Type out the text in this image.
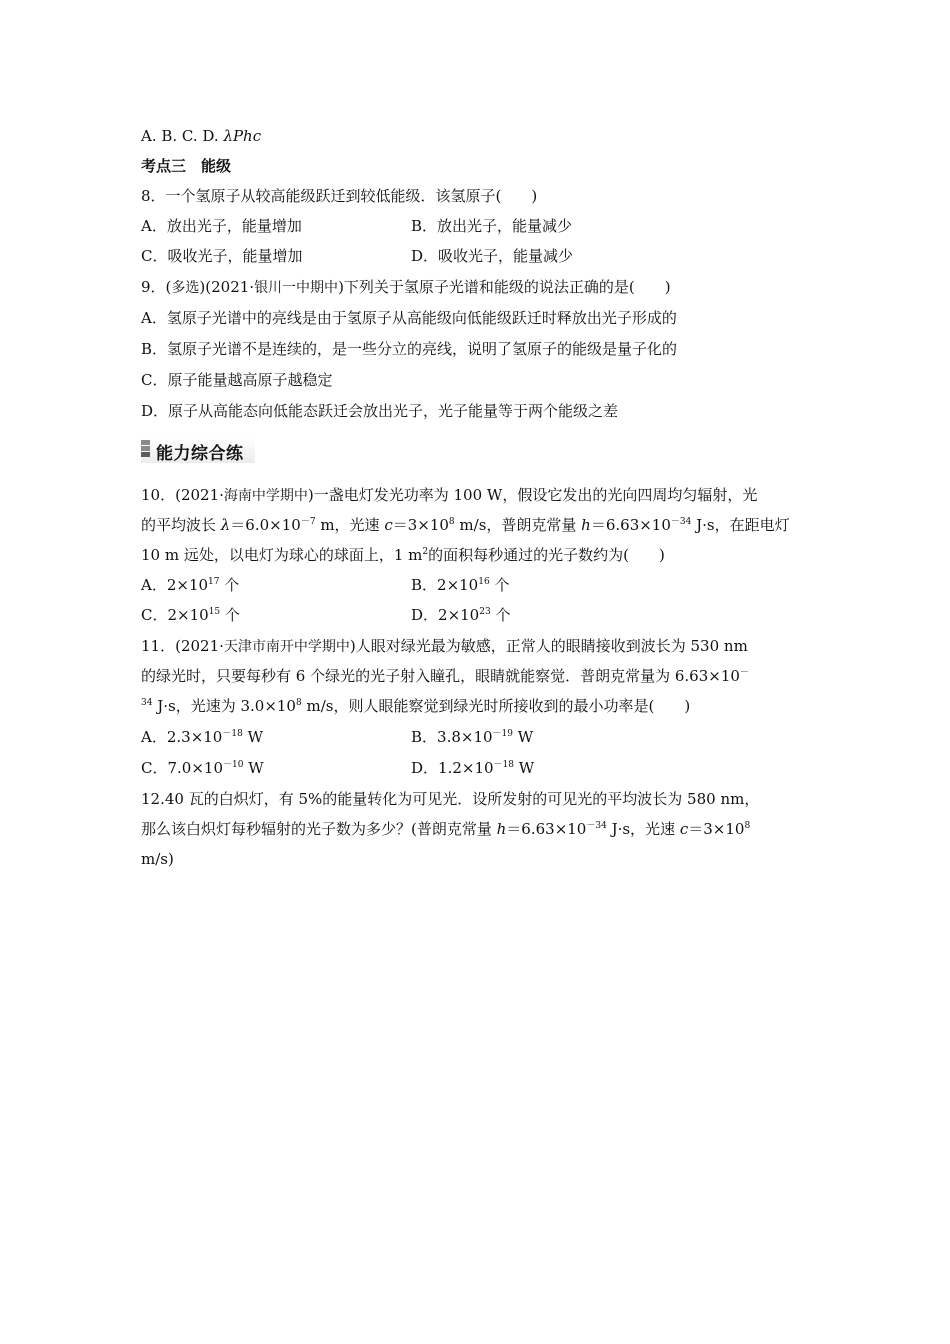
A. B. C. D. λPhc
考点三　能级
8．一个氢原子从较高能级跃迁到较低能级．该氢原子(　　)
A．放出光子，能量增加	B．放出光子，能量减少
C．吸收光子，能量增加	D．吸收光子，能量减少
9．(多选)(2021·银川一中期中)下列关于氢原子光谱和能级的说法正确的是(　　)
A．氢原子光谱中的亮线是由于氢原子从高能级向低能级跃迁时释放出光子形成的
B．氢原子光谱不是连续的，是一些分立的亮线，说明了氢原子的能级是量子化的
C．原子能量越高原子越稳定
D．原子从高能态向低能态跃迁会放出光子，光子能量等于两个能级之差
能力综合练
10．(2021·海南中学期中)一盏电灯发光功率为 100 W，假设它发出的光向四周均匀辐射，光
的平均波长 $\lambda=6.0\times 10^{-7}$ m，光速 $c=3\times 10^8$ m/s，普朗克常量 $h=6.63\times 10^{-34}$ J·s，在距电灯
10 m 远处，以电灯为球心的球面上，1 $m^2$的面积每秒通过的光子数约为(　　)
A．$2\times 10^{17}$ 个	B．$2\times 10^{16}$ 个
C．$2\times 10^{15}$ 个	D．$2\times 10^{23}$ 个
11．(2021·天津市南开中学期中)人眼对绿光最为敏感，正常人的眼睛接收到波长为 530 nm
的绿光时，只要每秒有 6 个绿光的光子射入瞳孔，眼睛就能察觉．普朗克常量为 6.63×10－
$^{34}$ J·s，光速为 $3.0\times 10^8$ m/s，则人眼能察觉到绿光时所接收到的最小功率是(　　)
A．$2.3\times 10^{-18}$ W	B．$3.8\times 10^{-19}$ W
C．$7.0\times 10^{-10}$ W	D．$1.2\times 10^{-18}$ W
12.40 瓦的白炽灯，有 5%的能量转化为可见光．设所发射的可见光的平均波长为 580 nm，
那么该白炽灯每秒辐射的光子数为多少？(普朗克常量 $h=6.63\times 10^{-34}$ J·s，光速 $c=3\times 10^8$
m/s)
